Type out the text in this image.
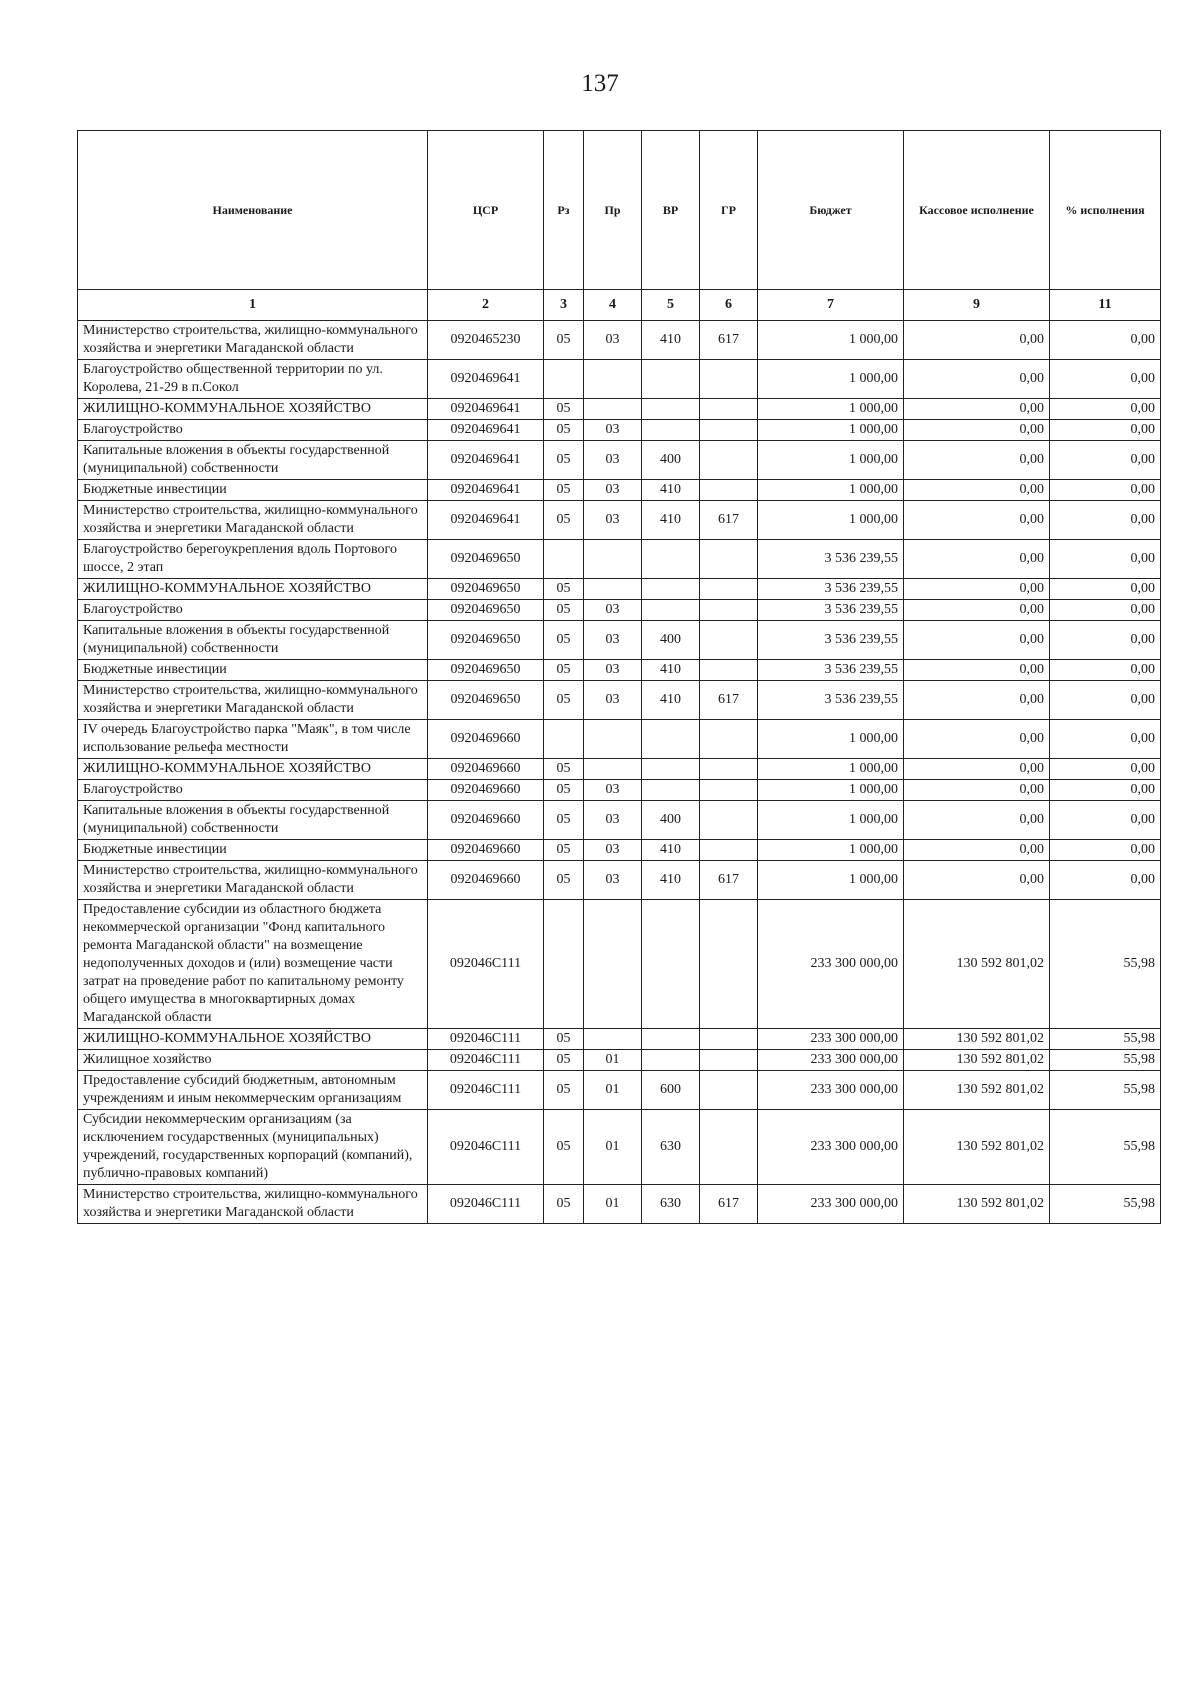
137
Наименование	ЦСР	Рз	Пр	ВР	ГР	Бюджет	Кассовое исполнение	% исполнения
1	2	3	4	5	6	7	9	11
Министерство строительства, жилищно-коммунального хозяйства и энергетики Магаданской области	0920465230	05	03	410	617	1 000,00	0,00	0,00
Благоустройство общественной территории по ул. Королева, 21-29 в п.Сокол	0920469641					1 000,00	0,00	0,00
ЖИЛИЩНО-КОММУНАЛЬНОЕ ХОЗЯЙСТВО	0920469641	05				1 000,00	0,00	0,00
Благоустройство	0920469641	05	03			1 000,00	0,00	0,00
Капитальные вложения в объекты государственной (муниципальной) собственности	0920469641	05	03	400		1 000,00	0,00	0,00
Бюджетные инвестиции	0920469641	05	03	410		1 000,00	0,00	0,00
Министерство строительства, жилищно-коммунального хозяйства и энергетики Магаданской области	0920469641	05	03	410	617	1 000,00	0,00	0,00
Благоустройство берегоукрепления вдоль Портового шоссе, 2 этап	0920469650					3 536 239,55	0,00	0,00
ЖИЛИЩНО-КОММУНАЛЬНОЕ ХОЗЯЙСТВО	0920469650	05				3 536 239,55	0,00	0,00
Благоустройство	0920469650	05	03			3 536 239,55	0,00	0,00
Капитальные вложения в объекты государственной (муниципальной) собственности	0920469650	05	03	400		3 536 239,55	0,00	0,00
Бюджетные инвестиции	0920469650	05	03	410		3 536 239,55	0,00	0,00
Министерство строительства, жилищно-коммунального хозяйства и энергетики Магаданской области	0920469650	05	03	410	617	3 536 239,55	0,00	0,00
IV очередь Благоустройство парка "Маяк", в том числе использование рельефа местности	0920469660					1 000,00	0,00	0,00
ЖИЛИЩНО-КОММУНАЛЬНОЕ ХОЗЯЙСТВО	0920469660	05				1 000,00	0,00	0,00
Благоустройство	0920469660	05	03			1 000,00	0,00	0,00
Капитальные вложения в объекты государственной (муниципальной) собственности	0920469660	05	03	400		1 000,00	0,00	0,00
Бюджетные инвестиции	0920469660	05	03	410		1 000,00	0,00	0,00
Министерство строительства, жилищно-коммунального хозяйства и энергетики Магаданской области	0920469660	05	03	410	617	1 000,00	0,00	0,00
Предоставление субсидии из областного бюджета некоммерческой организации "Фонд капитального ремонта Магаданской области" на возмещение недополученных доходов и (или) возмещение части затрат на проведение работ по капитальному ремонту общего имущества в многоквартирных домах Магаданской области	092046С111					233 300 000,00	130 592 801,02	55,98
ЖИЛИЩНО-КОММУНАЛЬНОЕ ХОЗЯЙСТВО	092046С111	05				233 300 000,00	130 592 801,02	55,98
Жилищное хозяйство	092046С111	05	01			233 300 000,00	130 592 801,02	55,98
Предоставление субсидий бюджетным, автономным учреждениям и иным некоммерческим организациям	092046С111	05	01	600		233 300 000,00	130 592 801,02	55,98
Субсидии некоммерческим организациям (за исключением государственных (муниципальных) учреждений, государственных корпораций (компаний), публично-правовых компаний)	092046С111	05	01	630		233 300 000,00	130 592 801,02	55,98
Министерство строительства, жилищно-коммунального хозяйства и энергетики Магаданской области	092046С111	05	01	630	617	233 300 000,00	130 592 801,02	55,98
